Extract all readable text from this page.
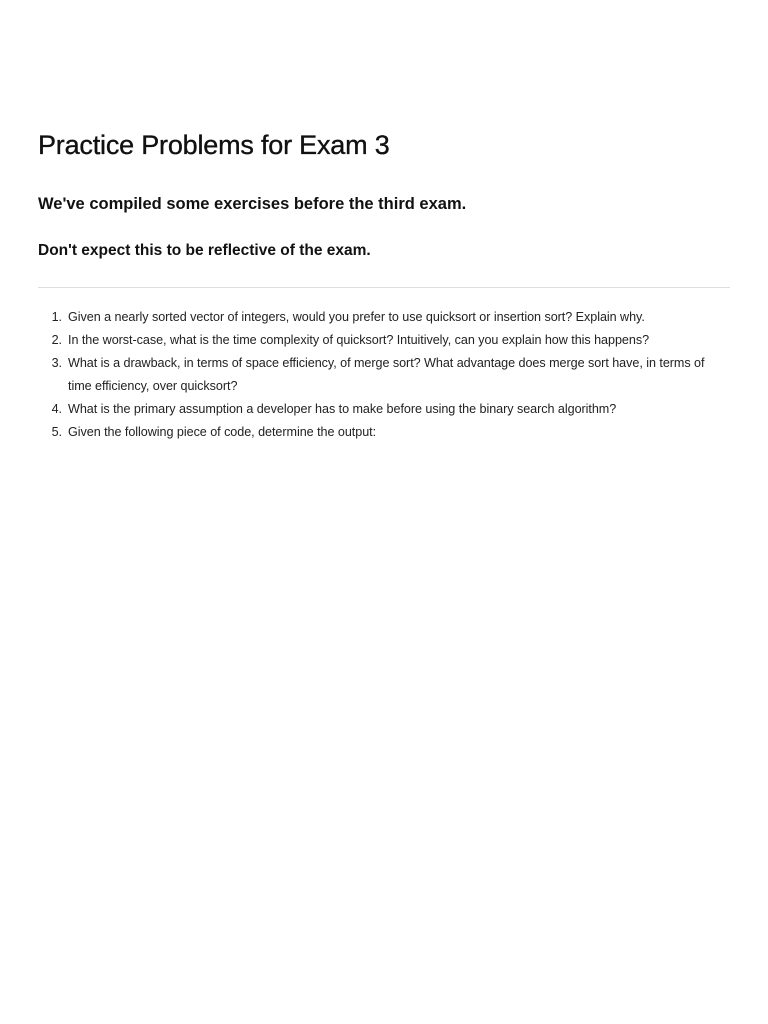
Practice Problems for Exam 3
We've compiled some exercises before the third exam.
Don't expect this to be reflective of the exam.
1. Given a nearly sorted vector of integers, would you prefer to use quicksort or insertion sort? Explain why.
2. In the worst-case, what is the time complexity of quicksort? Intuitively, can you explain how this happens?
3. What is a drawback, in terms of space efficiency, of merge sort? What advantage does merge sort have, in terms of time efficiency, over quicksort?
4. What is the primary assumption a developer has to make before using the binary search algorithm?
5. Given the following piece of code, determine the output:
